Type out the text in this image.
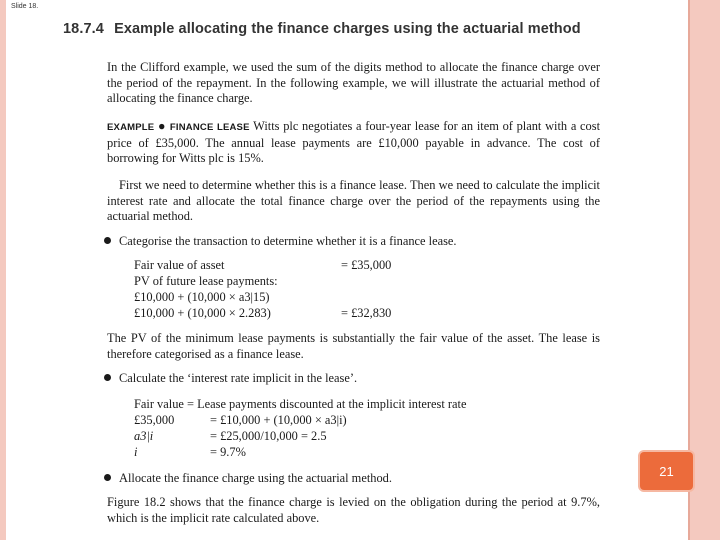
Slide 18.
18.7.4 Example allocating the finance charges using the actuarial method
In the Clifford example, we used the sum of the digits method to allocate the finance charge over the period of the repayment. In the following example, we will illustrate the actuarial method of allocating the finance charge.
EXAMPLE ● FINANCE LEASE Witts plc negotiates a four-year lease for an item of plant with a cost price of £35,000. The annual lease payments are £10,000 payable in advance. The cost of borrowing for Witts plc is 15%.
First we need to determine whether this is a finance lease. Then we need to calculate the implicit interest rate and allocate the total finance charge over the period of the repayments using the actuarial method.
Categorise the transaction to determine whether it is a finance lease.
Fair value of asset	= £35,000
PV of future lease payments:
£10,000 + (10,000 × a3|15)
£10,000 + (10,000 × 2.283)	= £32,830
The PV of the minimum lease payments is substantially the fair value of the asset. The lease is therefore categorised as a finance lease.
Calculate the ‘interest rate implicit in the lease’.
Fair value = Lease payments discounted at the implicit interest rate
£35,000	= £10,000 + (10,000 × a3|i)
a3|i	= £25,000/10,000 = 2.5
i	= 9.7%
Allocate the finance charge using the actuarial method.
Figure 18.2 shows that the finance charge is levied on the obligation during the period at 9.7%, which is the implicit rate calculated above.
21
